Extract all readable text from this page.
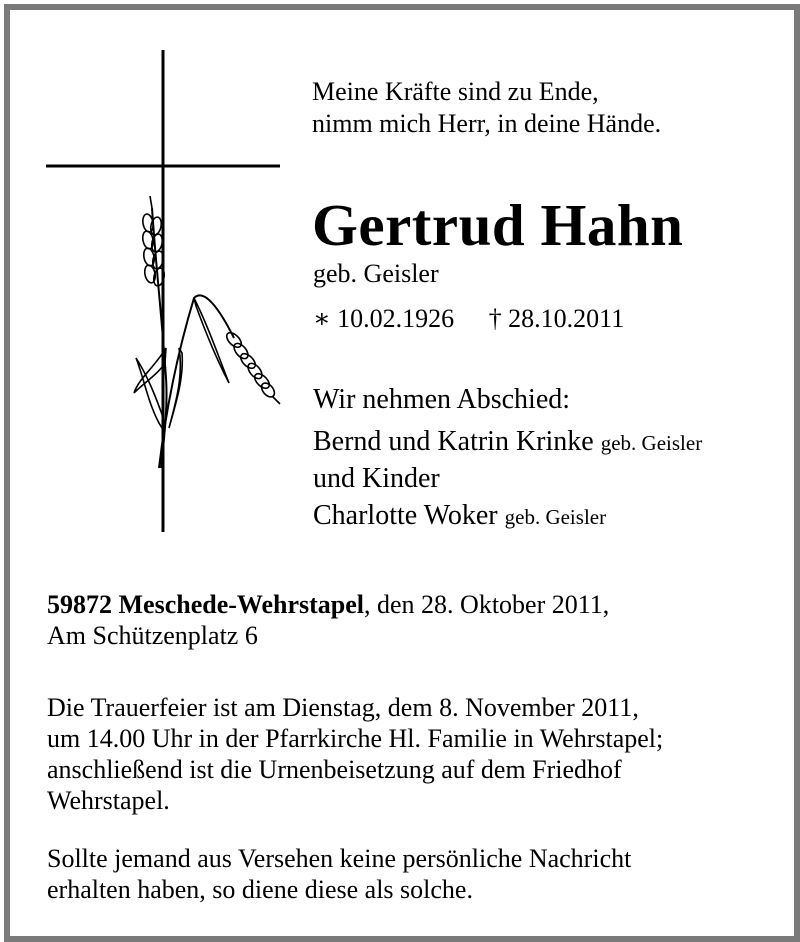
Meine Kräfte sind zu Ende,
nimm mich Herr, in deine Hände.
Gertrud Hahn
geb. Geisler
∗ 10.02.1926 † 28.10.2011
Wir nehmen Abschied:
Bernd und Katrin Krinke geb. Geisler
und Kinder
Charlotte Woker geb. Geisler
59872 Meschede-Wehrstapel, den 28. Oktober 2011,
Am Schützenplatz 6
Die Trauerfeier ist am Dienstag, dem 8. November 2011,
um 14.00 Uhr in der Pfarrkirche Hl. Familie in Wehrstapel;
anschließend ist die Urnenbeisetzung auf dem Friedhof
Wehrstapel.
Sollte jemand aus Versehen keine persönliche Nachricht
erhalten haben, so diene diese als solche.
